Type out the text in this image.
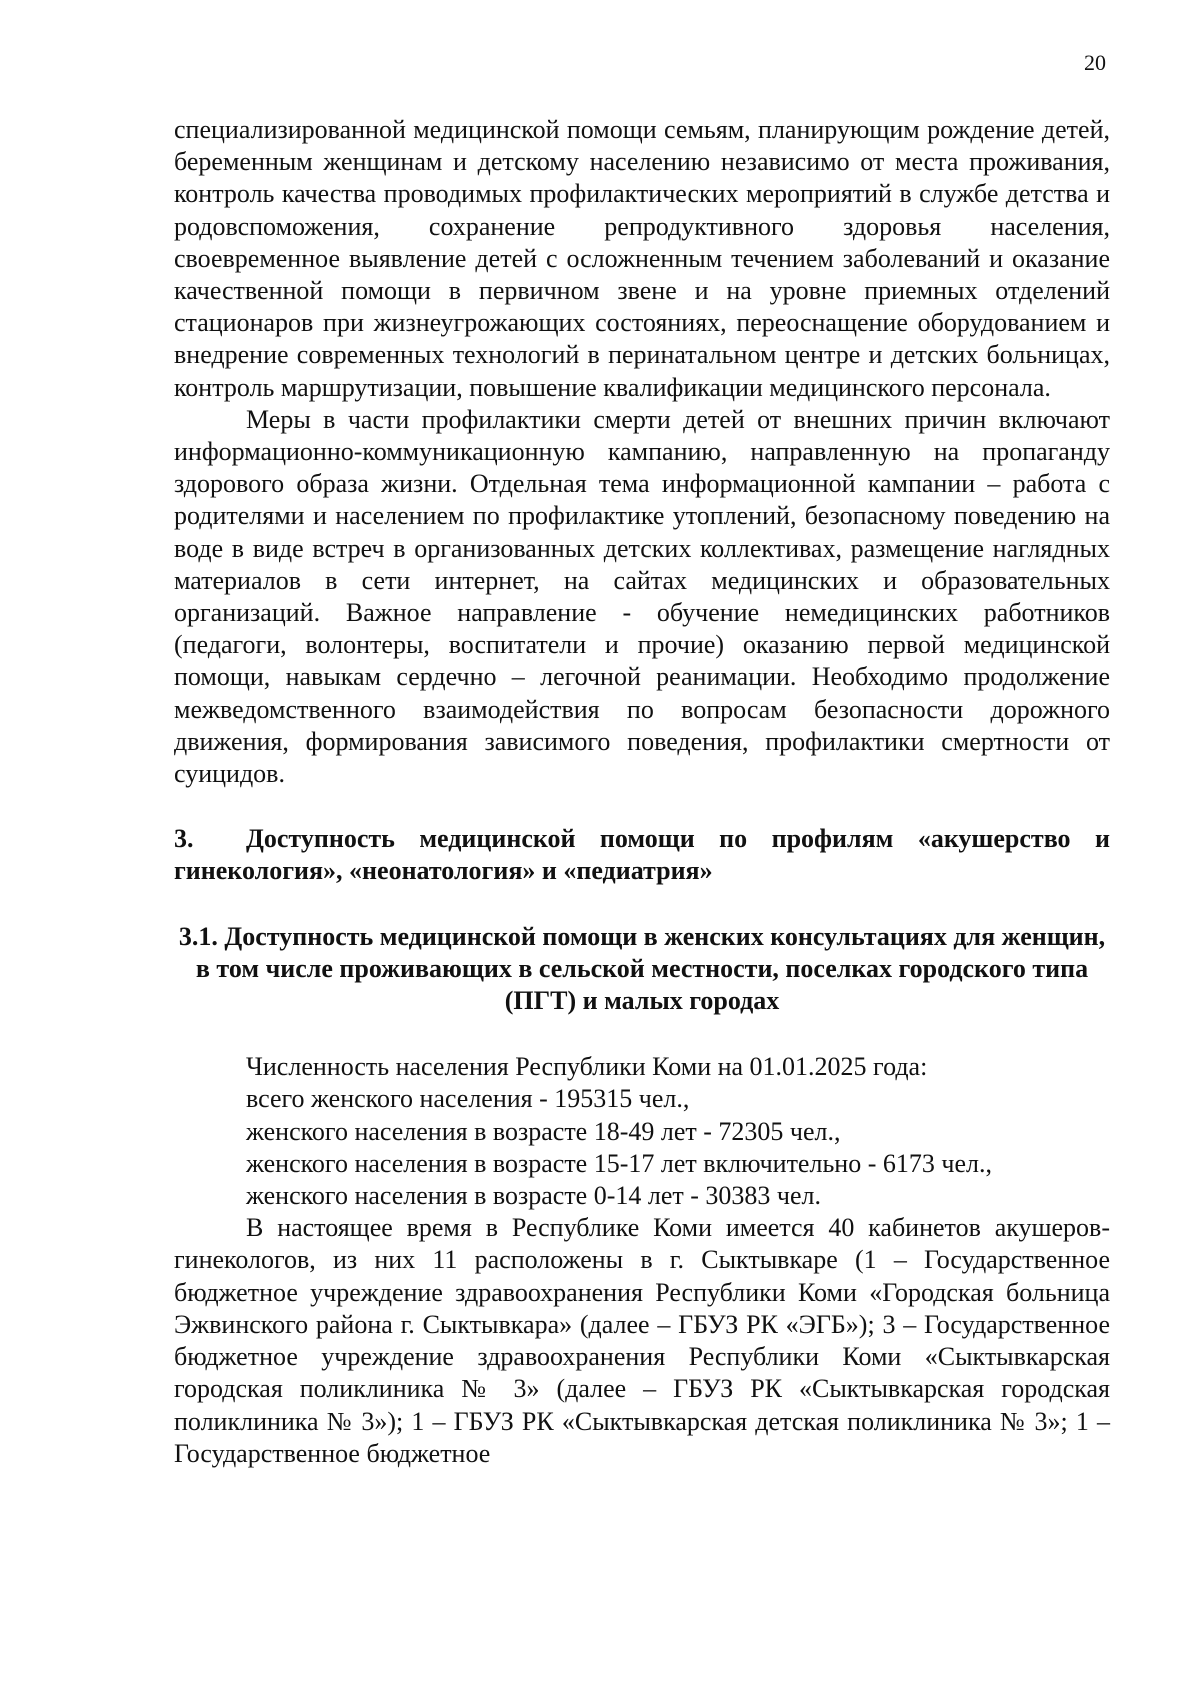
20

специализированной медицинской помощи семьям, планирующим рождение детей, беременным женщинам и детскому населению независимо от места проживания, контроль качества проводимых профилактических мероприятий в службе детства и родовспоможения, сохранение репродуктивного здоровья населения, своевременное выявление детей с осложненным течением заболеваний и оказание качественной помощи в первичном звене и на уровне приемных отделений стационаров при жизнеугрожающих состояниях, переоснащение оборудованием и внедрение современных технологий в перинатальном центре и детских больницах, контроль маршрутизации, повышение квалификации медицинского персонала.

Меры в части профилактики смерти детей от внешних причин включают информационно-коммуникационную кампанию, направленную на пропаганду здорового образа жизни. Отдельная тема информационной кампании – работа с родителями и населением по профилактике утоплений, безопасному поведению на воде в виде встреч в организованных детских коллективах, размещение наглядных материалов в сети интернет, на сайтах медицинских и образовательных организаций. Важное направление - обучение немедицинских работников (педагоги, волонтеры, воспитатели и прочие) оказанию первой медицинской помощи, навыкам сердечно – легочной реанимации. Необходимо продолжение межведомственного взаимодействия по вопросам безопасности дорожного движения, формирования зависимого поведения, профилактики смертности от суицидов.

3. Доступность медицинской помощи по профилям «акушерство и гинекология», «неонатология» и «педиатрия»

3.1. Доступность медицинской помощи в женских консультациях для женщин, в том числе проживающих в сельской местности, поселках городского типа (ПГТ) и малых городах

Численность населения Республики Коми на 01.01.2025 года:

всего женского населения - 195315 чел.,

женского населения в возрасте 18-49 лет - 72305 чел.,

женского населения в возрасте 15-17 лет включительно - 6173 чел.,

женского населения в возрасте 0-14 лет - 30383 чел.

В настоящее время в Республике Коми имеется 40 кабинетов акушеров-гинекологов, из них 11 расположены в г. Сыктывкаре (1 – Государственное бюджетное учреждение здравоохранения Республики Коми «Городская больница Эжвинского района г. Сыктывкара» (далее – ГБУЗ РК «ЭГБ»); 3 – Государственное бюджетное учреждение здравоохранения Республики Коми «Сыктывкарская городская поликлиника № 3» (далее – ГБУЗ РК «Сыктывкарская городская поликлиника № 3»); 1 – ГБУЗ РК «Сыктывкарская детская поликлиника № 3»; 1 – Государственное бюджетное
